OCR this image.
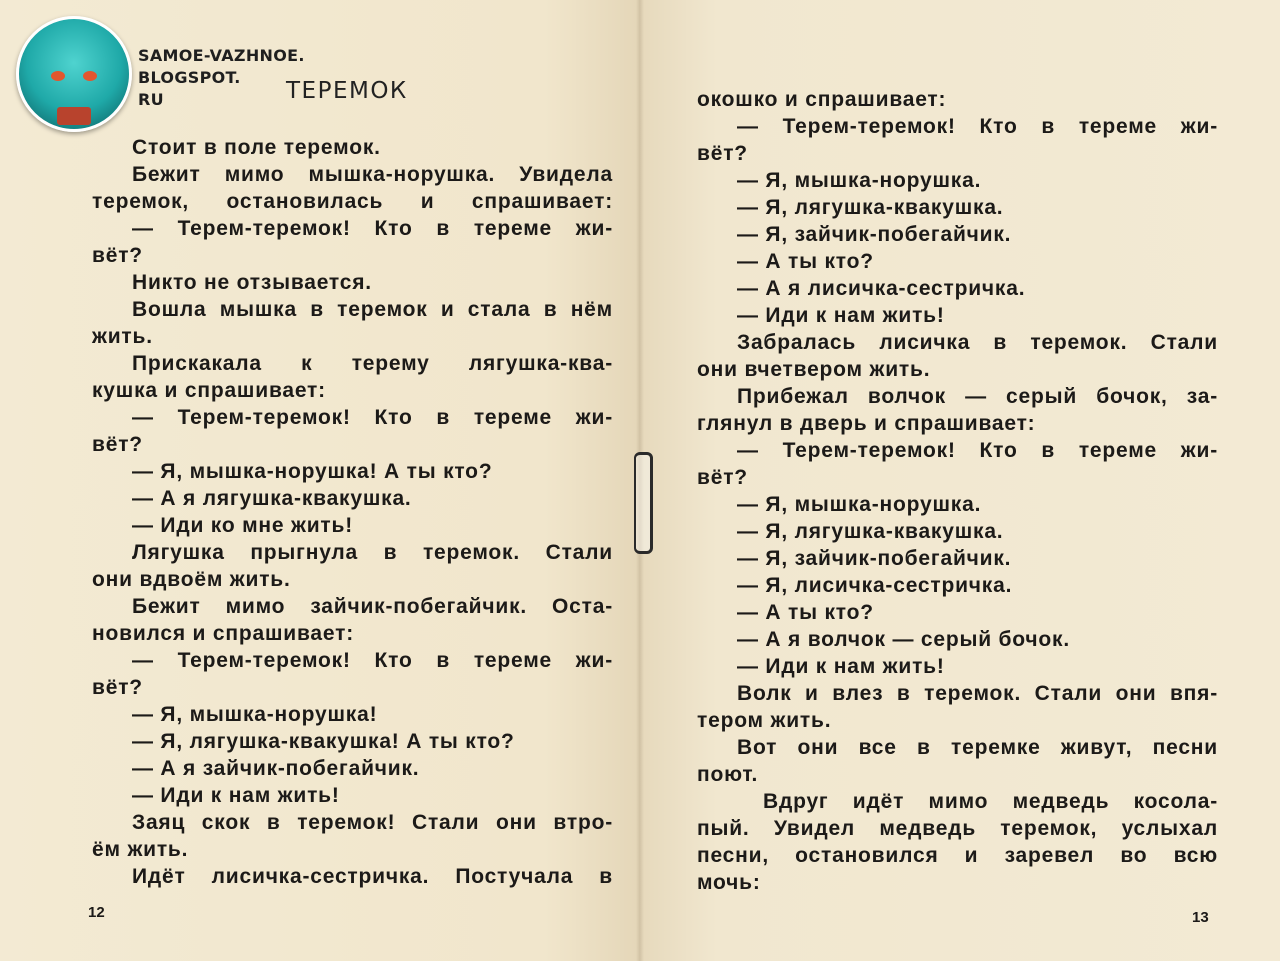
SAMOE-VAZHNOE.
BLOGSPOT.
RU	ТЕРЕМОК
Стоит в поле теремок.
Бежит мимо мышка-норушка. Увидела
теремок, остановилась и спрашивает:
— Терем-теремок! Кто в тереме жи-
вёт?
Никто не отзывается.
Вошла мышка в теремок и стала в нём
жить.
Прискакала к терему лягушка-ква-
кушка и спрашивает:
— Терем-теремок! Кто в тереме жи-
вёт?
— Я, мышка-норушка! А ты кто?
— А я лягушка-квакушка.
— Иди ко мне жить!
Лягушка прыгнула в теремок. Стали
они вдвоём жить.
Бежит мимо зайчик-побегайчик. Оста-
новился и спрашивает:
— Терем-теремок! Кто в тереме жи-
вёт?
— Я, мышка-норушка!
— Я, лягушка-квакушка! А ты кто?
— А я зайчик-побегайчик.
— Иди к нам жить!
Заяц скок в теремок! Стали они втро-
ём жить.
Идёт лисичка-сестричка. Постучала в
окошко и спрашивает:
— Терем-теремок! Кто в тереме жи-
вёт?
— Я, мышка-норушка.
— Я, лягушка-квакушка.
— Я, зайчик-побегайчик.
— А ты кто?
— А я лисичка-сестричка.
— Иди к нам жить!
Забралась лисичка в теремок. Стали
они вчетвером жить.
Прибежал волчок — серый бочок, за-
глянул в дверь и спрашивает:
— Терем-теремок! Кто в тереме жи-
вёт?
— Я, мышка-норушка.
— Я, лягушка-квакушка.
— Я, зайчик-побегайчик.
— Я, лисичка-сестричка.
— А ты кто?
— А я волчок — серый бочок.
— Иди к нам жить!
Волк и влез в теремок. Стали они впя-
тером жить.
Вот они все в теремке живут, песни
поют.
Вдруг идёт мимо медведь косола-
пый. Увидел медведь теремок, услыхал
песни, остановился и заревел во всю
мочь:
12	13
